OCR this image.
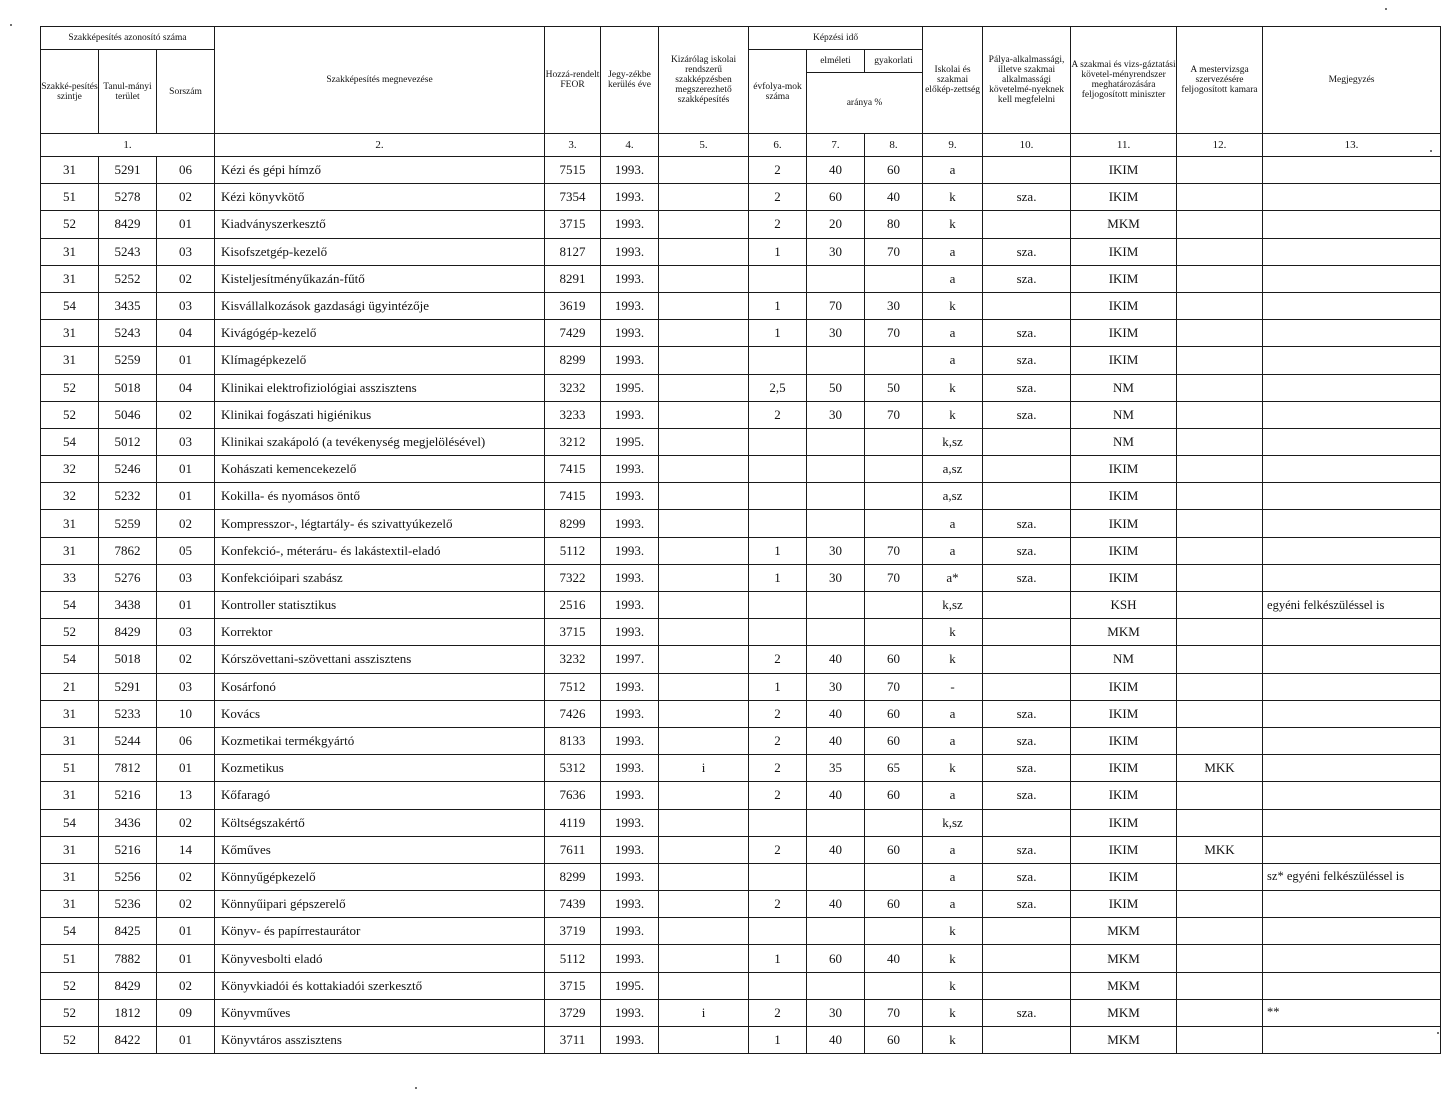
Szakképesítés azonosító száma			Szakképesítés megnevezése	Hozzá-rendelt FEOR	Jegy-zékbe kerülés éve	Kizárólag iskolai rendszerű szakképzésben megszerezhető szakképesítés	Képzési idő			Iskolai és szakmai előkép-zettség	Pálya-alkalmassági, illetve szakmai alkalmassági követelmé-nyeknek kell megfelelni	A szakmai és vizs-gáztatási követel-ményrendszer meghatározására feljogosított miniszter	A mestervizsga szervezésére feljogosított kamara	Megjegyzés
Szakké-pesítés szintje	Tanul-mányi terület	Sorszám					évfolya-mok száma	elméleti	gyakorlati					
								aránya %						
1.			2.	3.	4.	5.	6.	7.	8.	9.	10.	11.	12.	13.
31	5291	06	Kézi és gépi hímző	7515	1993.		2	40	60	a		IKIM		
51	5278	02	Kézi könyvkötő	7354	1993.		2	60	40	k	sza.	IKIM		
52	8429	01	Kiadványszerkesztő	3715	1993.		2	20	80	k		MKM		
31	5243	03	Kisofszetgép-kezelő	8127	1993.		1	30	70	a	sza.	IKIM		
31	5252	02	Kisteljesítményűkazán-fűtő	8291	1993.					a	sza.	IKIM		
54	3435	03	Kisvállalkozások gazdasági ügyintézője	3619	1993.		1	70	30	k		IKIM		
31	5243	04	Kivágógép-kezelő	7429	1993.		1	30	70	a	sza.	IKIM		
31	5259	01	Klímagépkezelő	8299	1993.					a	sza.	IKIM		
52	5018	04	Klinikai elektrofiziológiai asszisztens	3232	1995.		2,5	50	50	k	sza.	NM		
52	5046	02	Klinikai fogászati higiénikus	3233	1993.		2	30	70	k	sza.	NM		
54	5012	03	Klinikai szakápoló (a tevékenység megjelölésével)	3212	1995.					k,sz		NM		
32	5246	01	Kohászati kemencekezelő	7415	1993.					a,sz		IKIM		
32	5232	01	Kokilla- és nyomásos öntő	7415	1993.					a,sz		IKIM		
31	5259	02	Kompresszor-, légtartály- és szivattyúkezelő	8299	1993.					a	sza.	IKIM		
31	7862	05	Konfekció-, méteráru- és lakástextil-eladó	5112	1993.		1	30	70	a	sza.	IKIM		
33	5276	03	Konfekcióipari szabász	7322	1993.		1	30	70	a*	sza.	IKIM		
54	3438	01	Kontroller statisztikus	2516	1993.					k,sz		KSH		egyéni felkészüléssel is
52	8429	03	Korrektor	3715	1993.					k		MKM		
54	5018	02	Kórszövettani-szövettani asszisztens	3232	1997.		2	40	60	k		NM		
21	5291	03	Kosárfonó	7512	1993.		1	30	70	-		IKIM		
31	5233	10	Kovács	7426	1993.		2	40	60	a	sza.	IKIM		
31	5244	06	Kozmetikai termékgyártó	8133	1993.		2	40	60	a	sza.	IKIM		
51	7812	01	Kozmetikus	5312	1993.	i	2	35	65	k	sza.	IKIM	MKK	
31	5216	13	Kőfaragó	7636	1993.		2	40	60	a	sza.	IKIM		
54	3436	02	Költségszakértő	4119	1993.					k,sz		IKIM		
31	5216	14	Kőműves	7611	1993.		2	40	60	a	sza.	IKIM	MKK	
31	5256	02	Könnyűgépkezelő	8299	1993.					a	sza.	IKIM		sz* egyéni felkészüléssel is
31	5236	02	Könnyűipari gépszerelő	7439	1993.		2	40	60	a	sza.	IKIM		
54	8425	01	Könyv- és papírrestaurátor	3719	1993.					k		MKM		
51	7882	01	Könyvesbolti eladó	5112	1993.		1	60	40	k		MKM		
52	8429	02	Könyvkiadói és kottakiadói szerkesztő	3715	1995.					k		MKM		
52	1812	09	Könyvműves	3729	1993.	i	2	30	70	k	sza.	MKM		**
52	8422	01	Könyvtáros asszisztens	3711	1993.		1	40	60	k		MKM		
